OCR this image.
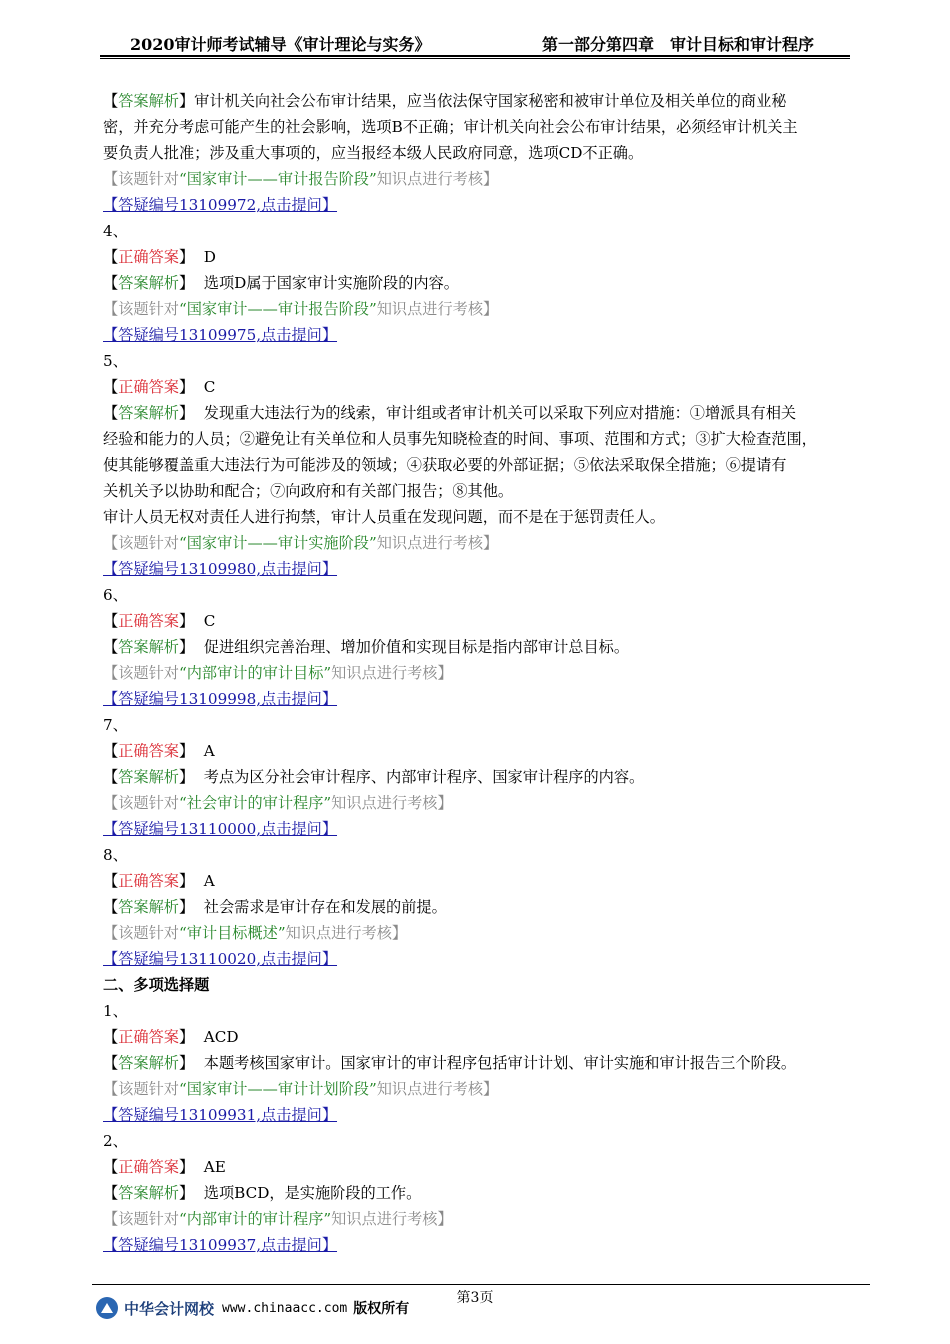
2020审计师考试辅导《审计理论与实务》	第一部分第四章　审计目标和审计程序
【答案解析】审计机关向社会公布审计结果，应当依法保守国家秘密和被审计单位及相关单位的商业秘
密，并充分考虑可能产生的社会影响，选项B不正确；审计机关向社会公布审计结果，必须经审计机关主
要负责人批准；涉及重大事项的，应当报经本级人民政府同意，选项CD不正确。
【该题针对“国家审计——审计报告阶段”知识点进行考核】
【答疑编号13109972,点击提问】
4、
【正确答案】 D
【答案解析】 选项D属于国家审计实施阶段的内容。
【该题针对“国家审计——审计报告阶段”知识点进行考核】
【答疑编号13109975,点击提问】
5、
【正确答案】 C
【答案解析】 发现重大违法行为的线索，审计组或者审计机关可以采取下列应对措施：①增派具有相关
经验和能力的人员；②避免让有关单位和人员事先知晓检查的时间、事项、范围和方式；③扩大检查范围，
使其能够覆盖重大违法行为可能涉及的领域；④获取必要的外部证据；⑤依法采取保全措施；⑥提请有
关机关予以协助和配合；⑦向政府和有关部门报告；⑧其他。
审计人员无权对责任人进行拘禁，审计人员重在发现问题，而不是在于惩罚责任人。
【该题针对“国家审计——审计实施阶段”知识点进行考核】
【答疑编号13109980,点击提问】
6、
【正确答案】 C
【答案解析】 促进组织完善治理、增加价值和实现目标是指内部审计总目标。
【该题针对“内部审计的审计目标”知识点进行考核】
【答疑编号13109998,点击提问】
7、
【正确答案】 A
【答案解析】 考点为区分社会审计程序、内部审计程序、国家审计程序的内容。
【该题针对“社会审计的审计程序”知识点进行考核】
【答疑编号13110000,点击提问】
8、
【正确答案】 A
【答案解析】 社会需求是审计存在和发展的前提。
【该题针对“审计目标概述”知识点进行考核】
【答疑编号13110020,点击提问】
二、多项选择题
1、
【正确答案】 ACD
【答案解析】 本题考核国家审计。国家审计的审计程序包括审计计划、审计实施和审计报告三个阶段。
【该题针对“国家审计——审计计划阶段”知识点进行考核】
【答疑编号13109931,点击提问】
2、
【正确答案】 AE
【答案解析】 选项BCD，是实施阶段的工作。
【该题针对“内部审计的审计程序”知识点进行考核】
【答疑编号13109937,点击提问】
第3页
中华会计网校 www.chinaacc.com 版权所有
